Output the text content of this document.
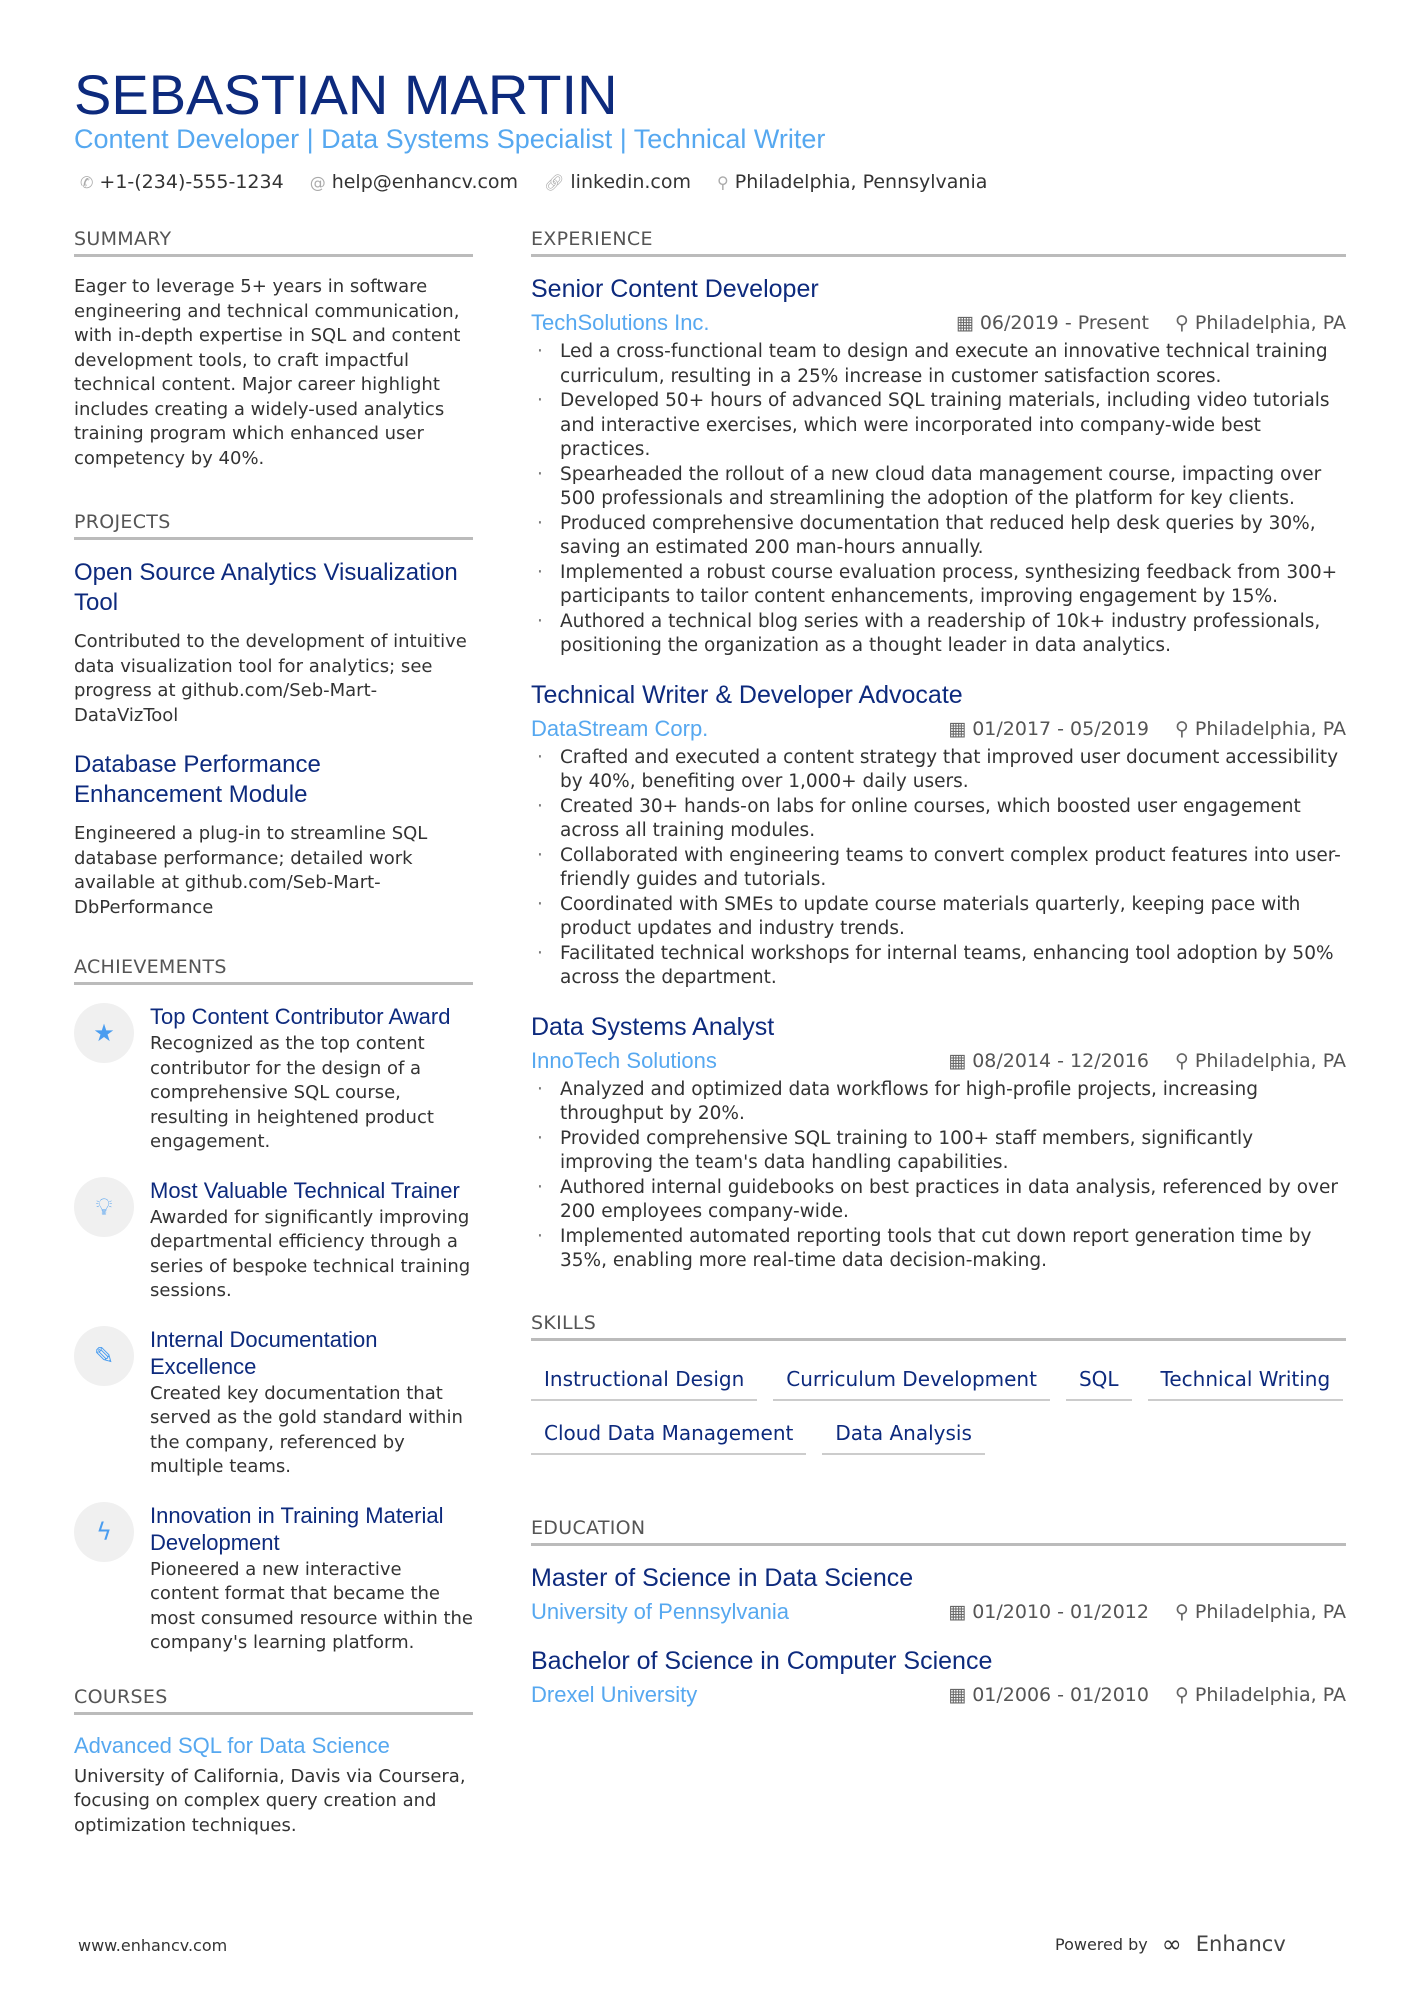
SEBASTIAN MARTIN
Content Developer | Data Systems Specialist | Technical Writer
✆ +1-(234)-555-1234 @ help@enhancv.com 🔗︎ linkedin.com ⚲ Philadelphia, Pennsylvania
SUMMARY
Eager to leverage 5+ years in software engineering and technical communication, with in-depth expertise in SQL and content development tools, to craft impactful technical content. Major career highlight includes creating a widely-used analytics training program which enhanced user competency by 40%.
PROJECTS
Open Source Analytics Visualization Tool
Contributed to the development of intuitive data visualization tool for analytics; see progress at github.com/Seb-Mart-DataVizTool
Database Performance Enhancement Module
Engineered a plug-in to streamline SQL database performance; detailed work available at github.com/Seb-Mart-DbPerformance
ACHIEVEMENTS
★
Top Content Contributor Award
Recognized as the top content contributor for the design of a comprehensive SQL course, resulting in heightened product engagement.
💡︎
Most Valuable Technical Trainer
Awarded for significantly improving departmental efficiency through a series of bespoke technical training sessions.
✎
Internal Documentation Excellence
Created key documentation that served as the gold standard within the company, referenced by multiple teams.
ϟ
Innovation in Training Material Development
Pioneered a new interactive content format that became the most consumed resource within the company's learning platform.
COURSES
Advanced SQL for Data Science
University of California, Davis via Coursera, focusing on complex query creation and optimization techniques.
EXPERIENCE
Senior Content Developer
TechSolutions Inc.	▦ 06/2019 - Present ⚲ Philadelphia, PA
· Led a cross-functional team to design and execute an innovative technical training curriculum, resulting in a 25% increase in customer satisfaction scores.
· Developed 50+ hours of advanced SQL training materials, including video tutorials and interactive exercises, which were incorporated into company-wide best practices.
· Spearheaded the rollout of a new cloud data management course, impacting over 500 professionals and streamlining the adoption of the platform for key clients.
· Produced comprehensive documentation that reduced help desk queries by 30%, saving an estimated 200 man-hours annually.
· Implemented a robust course evaluation process, synthesizing feedback from 300+ participants to tailor content enhancements, improving engagement by 15%.
· Authored a technical blog series with a readership of 10k+ industry professionals, positioning the organization as a thought leader in data analytics.
Technical Writer & Developer Advocate
DataStream Corp.	▦ 01/2017 - 05/2019 ⚲ Philadelphia, PA
· Crafted and executed a content strategy that improved user document accessibility by 40%, benefiting over 1,000+ daily users.
· Created 30+ hands-on labs for online courses, which boosted user engagement across all training modules.
· Collaborated with engineering teams to convert complex product features into user-friendly guides and tutorials.
· Coordinated with SMEs to update course materials quarterly, keeping pace with product updates and industry trends.
· Facilitated technical workshops for internal teams, enhancing tool adoption by 50% across the department.
Data Systems Analyst
InnoTech Solutions	▦ 08/2014 - 12/2016 ⚲ Philadelphia, PA
· Analyzed and optimized data workflows for high-profile projects, increasing throughput by 20%.
· Provided comprehensive SQL training to 100+ staff members, significantly improving the team's data handling capabilities.
· Authored internal guidebooks on best practices in data analysis, referenced by over 200 employees company-wide.
· Implemented automated reporting tools that cut down report generation time by 35%, enabling more real-time data decision-making.
SKILLS
Instructional Design	Curriculum Development	SQL	Technical Writing
Cloud Data Management	Data Analysis
EDUCATION
Master of Science in Data Science
University of Pennsylvania	▦ 01/2010 - 01/2012 ⚲ Philadelphia, PA
Bachelor of Science in Computer Science
Drexel University	▦ 01/2006 - 01/2010 ⚲ Philadelphia, PA
www.enhancv.com	Powered by ∞ Enhancv
